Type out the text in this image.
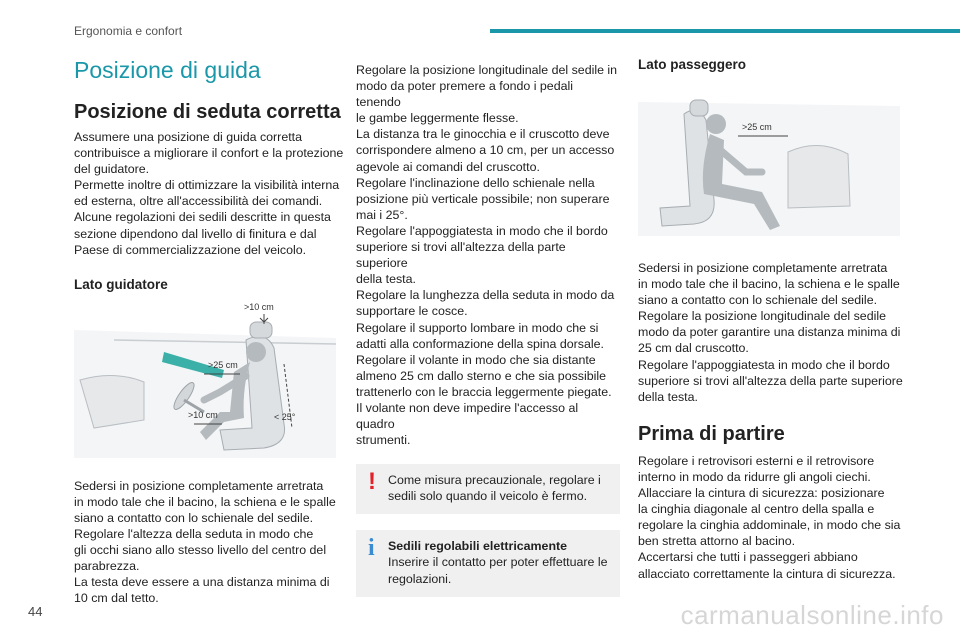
Ergonomia e confort
Posizione di guida
Posizione di seduta corretta
Assumere una posizione di guida corretta
contribuisce a migliorare il confort e la protezione
del guidatore.
Permette inoltre di ottimizzare la visibilità interna
ed esterna, oltre all'accessibilità dei comandi.
Alcune regolazioni dei sedili descritte in questa
sezione dipendono dal livello di finitura e dal
Paese di commercializzazione del veicolo.
Lato guidatore
>10 cm
>25 cm
>10 cm	< 25°
Sedersi in posizione completamente arretrata
in modo tale che il bacino, la schiena e le spalle
siano a contatto con lo schienale del sedile.
Regolare l'altezza della seduta in modo che
gli occhi siano allo stesso livello del centro del
parabrezza.
La testa deve essere a una distanza minima di
10 cm dal tetto.
Regolare la posizione longitudinale del sedile in
modo da poter premere a fondo i pedali tenendo
le gambe leggermente flesse.
La distanza tra le ginocchia e il cruscotto deve
corrispondere almeno a 10 cm, per un accesso
agevole ai comandi del cruscotto.
Regolare l'inclinazione dello schienale nella
posizione più verticale possibile; non superare
mai i 25°.
Regolare l'appoggiatesta in modo che il bordo
superiore si trovi all'altezza della parte superiore
della testa.
Regolare la lunghezza della seduta in modo da
supportare le cosce.
Regolare il supporto lombare in modo che si
adatti alla conformazione della spina dorsale.
Regolare il volante in modo che sia distante
almeno 25 cm dallo sterno e che sia possibile
trattenerlo con le braccia leggermente piegate.
Il volante non deve impedire l'accesso al quadro
strumenti.
! Come misura precauzionale, regolare i
sedili solo quando il veicolo è fermo.
i Sedili regolabili elettricamente
Inserire il contatto per poter effettuare le
regolazioni.
Lato passeggero
>25 cm
Sedersi in posizione completamente arretrata
in modo tale che il bacino, la schiena e le spalle
siano a contatto con lo schienale del sedile.
Regolare la posizione longitudinale del sedile
modo da poter garantire una distanza minima di
25 cm dal cruscotto.
Regolare l'appoggiatesta in modo che il bordo
superiore si trovi all'altezza della parte superiore
della testa.
Prima di partire
Regolare i retrovisori esterni e il retrovisore
interno in modo da ridurre gli angoli ciechi.
Allacciare la cintura di sicurezza: posizionare
la cinghia diagonale al centro della spalla e
regolare la cinghia addominale, in modo che sia
ben stretta attorno al bacino.
Accertarsi che tutti i passeggeri abbiano
allacciato correttamente la cintura di sicurezza.
44	carmanualsonline.info
